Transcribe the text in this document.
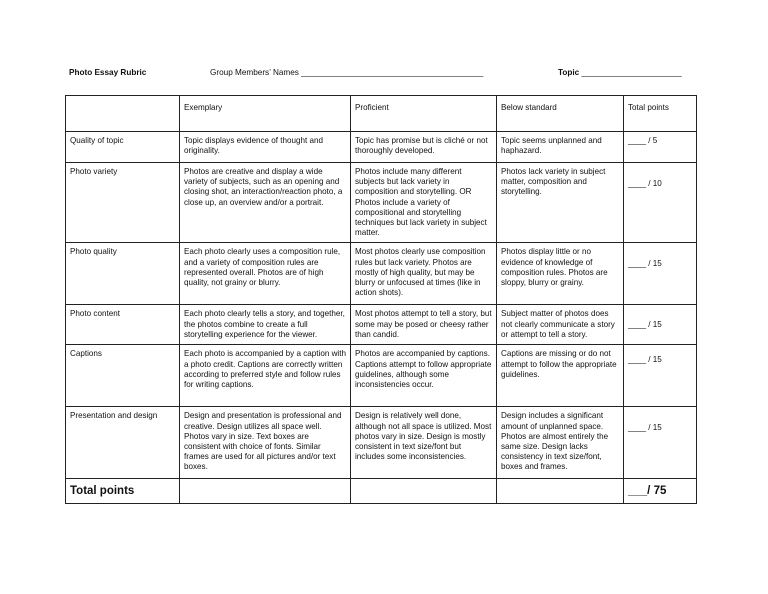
Photo Essay Rubric	Group Members’ Names ________________________________________	Topic ______________________
	Exemplary	Proficient	Below standard	Total points
Quality of topic	Topic displays evidence of thought and originality.	Topic has promise but is cliché or not thoroughly developed.	Topic seems unplanned and haphazard.	____ / 5
Photo variety	Photos are creative and display a wide variety of subjects, such as an opening and closing shot, an interaction/reaction photo, a close up, an overview and/or a portrait.	Photos include many different subjects but lack variety in composition and storytelling. OR Photos include a variety of compositional and storytelling techniques but lack variety in subject matter.	Photos lack variety in subject matter, composition and storytelling.	____ / 10
Photo quality	Each photo clearly uses a composition rule, and a variety of composition rules are represented overall. Photos are of high quality, not grainy or blurry.	Most photos clearly use composition rules but lack variety. Photos are mostly of high quality, but may be blurry or unfocused at times (like in action shots).	Photos display little or no evidence of knowledge of composition rules. Photos are sloppy, blurry or grainy.	____ / 15
Photo content	Each photo clearly tells a story, and together, the photos combine to create a full storytelling experience for the viewer.	Most photos attempt to tell a story, but some may be posed or cheesy rather than candid.	Subject matter of photos does not clearly communicate a story or attempt to tell a story.	____ / 15
Captions	Each photo is accompanied by a caption with a photo credit. Captions are correctly written according to preferred style and follow rules for writing captions.	Photos are accompanied by captions. Captions attempt to follow appropriate guidelines, although some inconsistencies occur.	Captions are missing or do not attempt to follow the appropriate guidelines.	____ / 15
Presentation and design	Design and presentation is professional and creative. Design utilizes all space well. Photos vary in size. Text boxes are consistent with choice of fonts. Similar frames are used for all pictures and/or text boxes.	Design is relatively well done, although not all space is utilized. Most photos vary in size. Design is mostly consistent in text size/font but includes some inconsistencies.	Design includes a significant amount of unplanned space. Photos are almost entirely the same size. Design lacks consistency in text size/font, boxes and frames.	____ / 15
Total points				___/ 75
